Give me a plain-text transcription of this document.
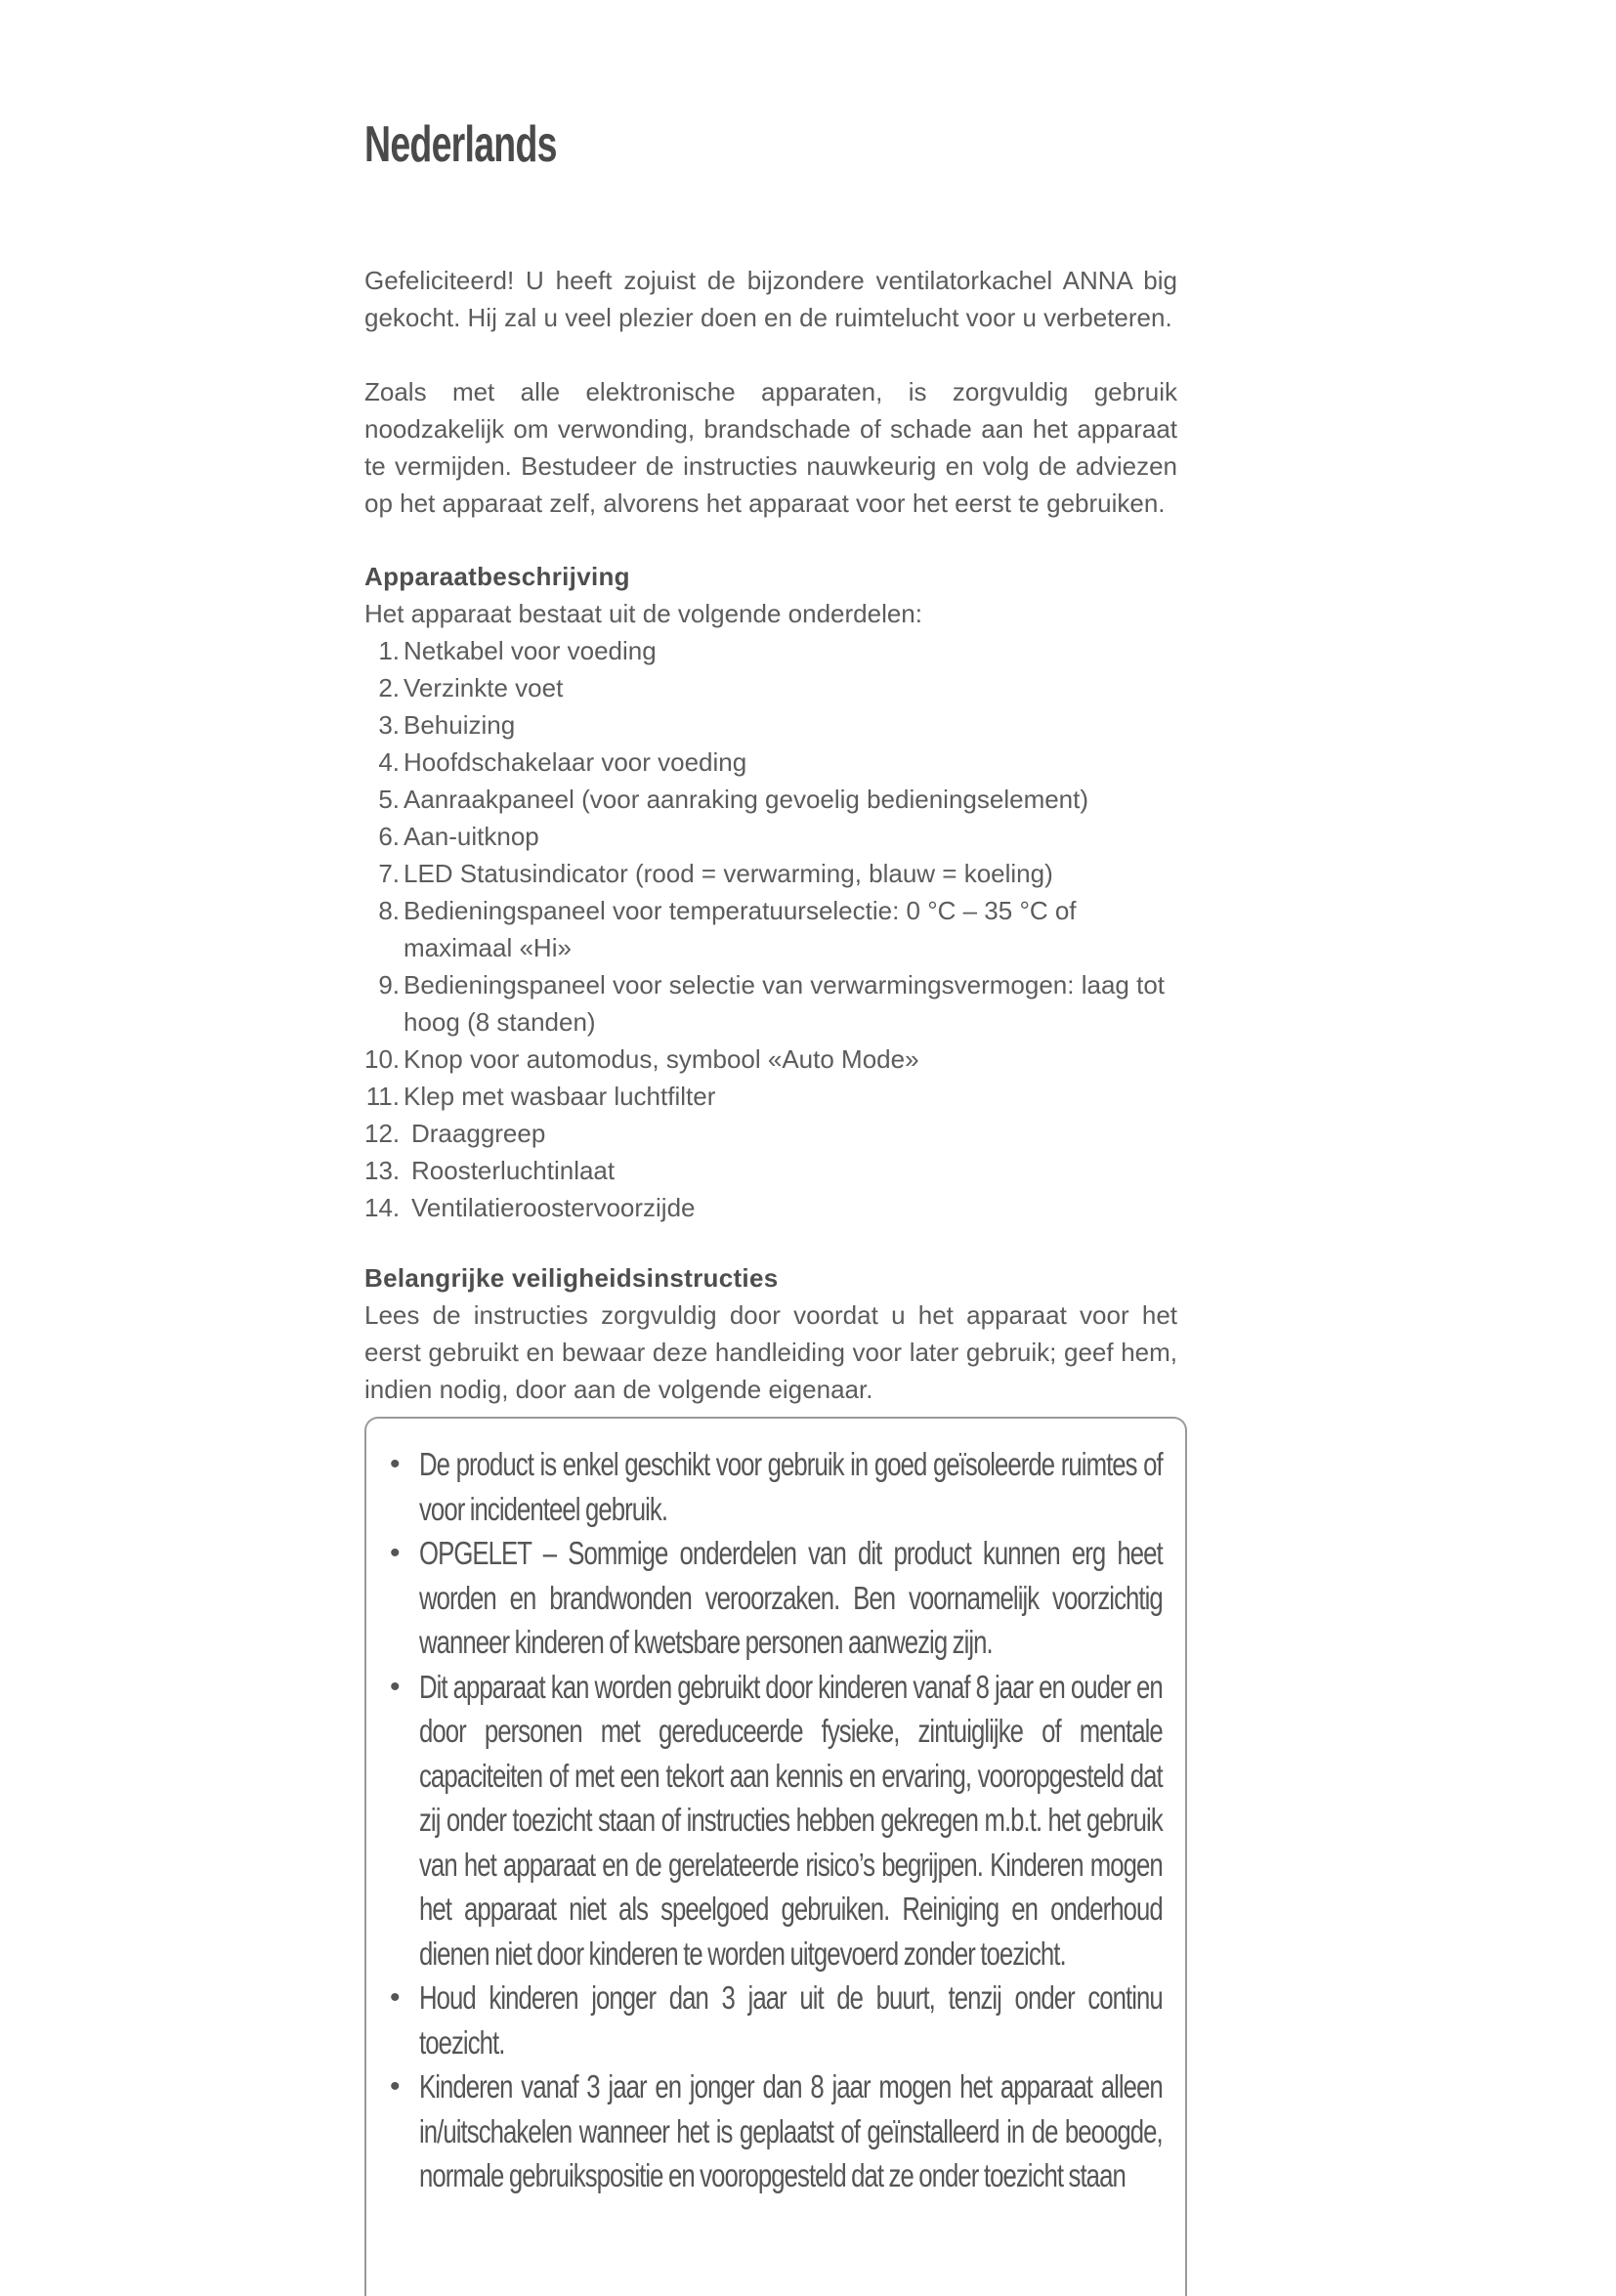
Nederlands

Gefeliciteerd! U heeft zojuist de bijzondere ventilatorkachel ANNA big gekocht. Hij zal u veel plezier doen en de ruimtelucht voor u verbeteren.

Zoals met alle elektronische apparaten, is zorgvuldig gebruik noodzakelijk om verwonding, brandschade of schade aan het apparaat te vermijden. Bestudeer de instructies nauwkeurig en volg de adviezen op het apparaat zelf, alvorens het apparaat voor het eerst te gebruiken.

Apparaatbeschrijving

Het apparaat bestaat uit de volgende onderdelen:

1. Netkabel voor voeding
2. Verzinkte voet
3. Behuizing
4. Hoofdschakelaar voor voeding
5. Aanraakpaneel (voor aanraking gevoelig bedieningselement)
6. Aan-uitknop
7. LED Statusindicator (rood = verwarming, blauw = koeling)
8. Bedieningspaneel voor temperatuurselectie: 0 °C – 35 °C of maximaal «Hi»
9. Bedieningspaneel voor selectie van verwarmingsvermogen: laag tot hoog (8 standen)
10. Knop voor automodus, symbool «Auto Mode»
11. Klep met wasbaar luchtfilter
12. Draaggreep
13. Roosterluchtinlaat
14. Ventilatieroostervoorzijde
Belangrijke veiligheidsinstructies

Lees de instructies zorgvuldig door voordat u het apparaat voor het eerst gebruikt en bewaar deze handleiding voor later gebruik; geef hem, indien nodig, door aan de volgende eigenaar.

• De product is enkel geschikt voor gebruik in goed geïsoleerde ruimtes of voor incidenteel gebruik.
• OPGELET – Sommige onderdelen van dit product kunnen erg heet worden en brandwonden veroorzaken. Ben voornamelijk voorzichtig wanneer kinderen of kwetsbare personen aanwezig zijn.
• Dit apparaat kan worden gebruikt door kinderen vanaf 8 jaar en ouder en door personen met gereduceerde fysieke, zintuiglijke of mentale capaciteiten of met een tekort aan kennis en ervaring, vooropgesteld dat zij onder toezicht staan of instructies hebben gekregen m.b.t. het gebruik van het apparaat en de gerelateerde risico’s begrijpen. Kinderen mogen het apparaat niet als speelgoed gebruiken. Reiniging en onderhoud dienen niet door kinderen te worden uitgevoerd zonder toezicht.
• Houd kinderen jonger dan 3 jaar uit de buurt, tenzij onder continu toezicht.
• Kinderen vanaf 3 jaar en jonger dan 8 jaar mogen het apparaat alleen in/uitschakelen wanneer het is geplaatst of geïnstalleerd in de beoogde, normale gebruikspositie en vooropgesteld dat ze onder toezicht staan
